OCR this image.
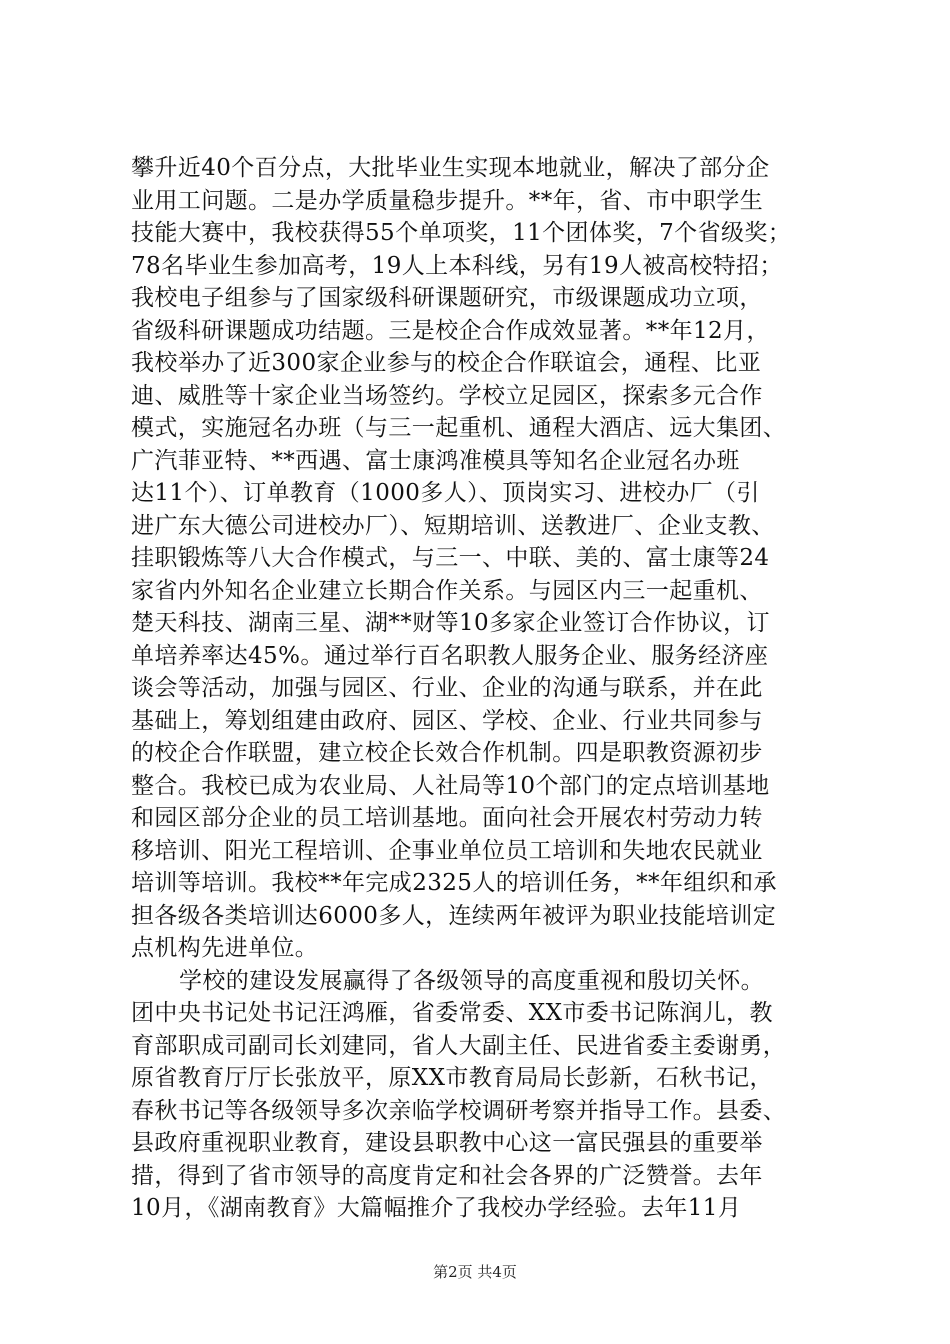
攀升近40个百分点，大批毕业生实现本地就业，解决了部分企
业用工问题。二是办学质量稳步提升。**年，省、市中职学生
技能大赛中，我校获得55个单项奖，11个团体奖，7个省级奖；
78名毕业生参加高考，19人上本科线，另有19人被高校特招；
我校电子组参与了国家级科研课题研究，市级课题成功立项，
省级科研课题成功结题。三是校企合作成效显著。**年12月，
我校举办了近300家企业参与的校企合作联谊会，通程、比亚
迪、威胜等十家企业当场签约。学校立足园区，探索多元合作
模式，实施冠名办班（与三一起重机、通程大酒店、远大集团、
广汽菲亚特、**西遇、富士康鸿准模具等知名企业冠名办班
达11个）、订单教育（1000多人）、顶岗实习、进校办厂（引
进广东大德公司进校办厂）、短期培训、送教进厂、企业支教、
挂职锻炼等八大合作模式，与三一、中联、美的、富士康等24
家省内外知名企业建立长期合作关系。与园区内三一起重机、
楚天科技、湖南三星、湖**财等10多家企业签订合作协议，订
单培养率达45%。通过举行百名职教人服务企业、服务经济座
谈会等活动，加强与园区、行业、企业的沟通与联系，并在此
基础上，筹划组建由政府、园区、学校、企业、行业共同参与
的校企合作联盟，建立校企长效合作机制。四是职教资源初步
整合。我校已成为农业局、人社局等10个部门的定点培训基地
和园区部分企业的员工培训基地。面向社会开展农村劳动力转
移培训、阳光工程培训、企事业单位员工培训和失地农民就业
培训等培训。我校**年完成2325人的培训任务，**年组织和承
担各级各类培训达6000多人，连续两年被评为职业技能培训定
点机构先进单位。
学校的建设发展赢得了各级领导的高度重视和殷切关怀。
团中央书记处书记汪鸿雁，省委常委、XX市委书记陈润儿，教
育部职成司副司长刘建同，省人大副主任、民进省委主委谢勇，
原省教育厅厅长张放平，原XX市教育局局长彭新，石秋书记，
春秋书记等各级领导多次亲临学校调研考察并指导工作。县委、
县政府重视职业教育，建设县职教中心这一富民强县的重要举
措，得到了省市领导的高度肯定和社会各界的广泛赞誉。去年
10月，《湖南教育》大篇幅推介了我校办学经验。去年11月
第2页 共4页
